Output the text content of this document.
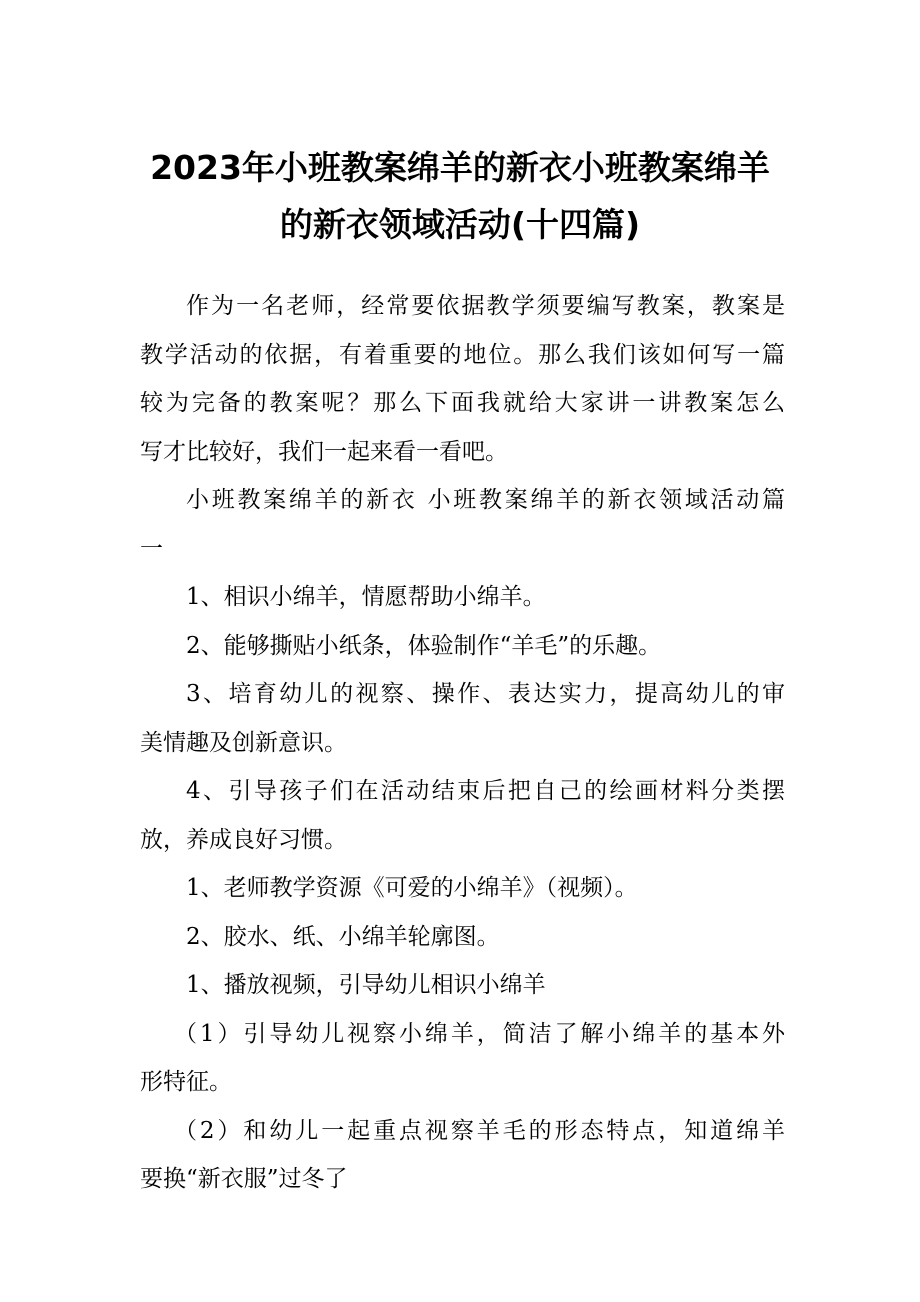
2023年小班教案绵羊的新衣小班教案绵羊
的新衣领域活动(十四篇)
作为一名老师，经常要依据教学须要编写教案，教案是
教学活动的依据，有着重要的地位。那么我们该如何写一篇
较为完备的教案呢？那么下面我就给大家讲一讲教案怎么
写才比较好，我们一起来看一看吧。
小班教案绵羊的新衣 小班教案绵羊的新衣领域活动篇
一
1、相识小绵羊，情愿帮助小绵羊。
2、能够撕贴小纸条，体验制作“羊毛”的乐趣。
3、培育幼儿的视察、操作、表达实力，提高幼儿的审
美情趣及创新意识。
4、引导孩子们在活动结束后把自己的绘画材料分类摆
放，养成良好习惯。
1、老师教学资源《可爱的小绵羊》（视频）。
2、胶水、纸、小绵羊轮廓图。
1、播放视频，引导幼儿相识小绵羊
（1）引导幼儿视察小绵羊，简洁了解小绵羊的基本外
形特征。
（2）和幼儿一起重点视察羊毛的形态特点，知道绵羊
要换“新衣服”过冬了
